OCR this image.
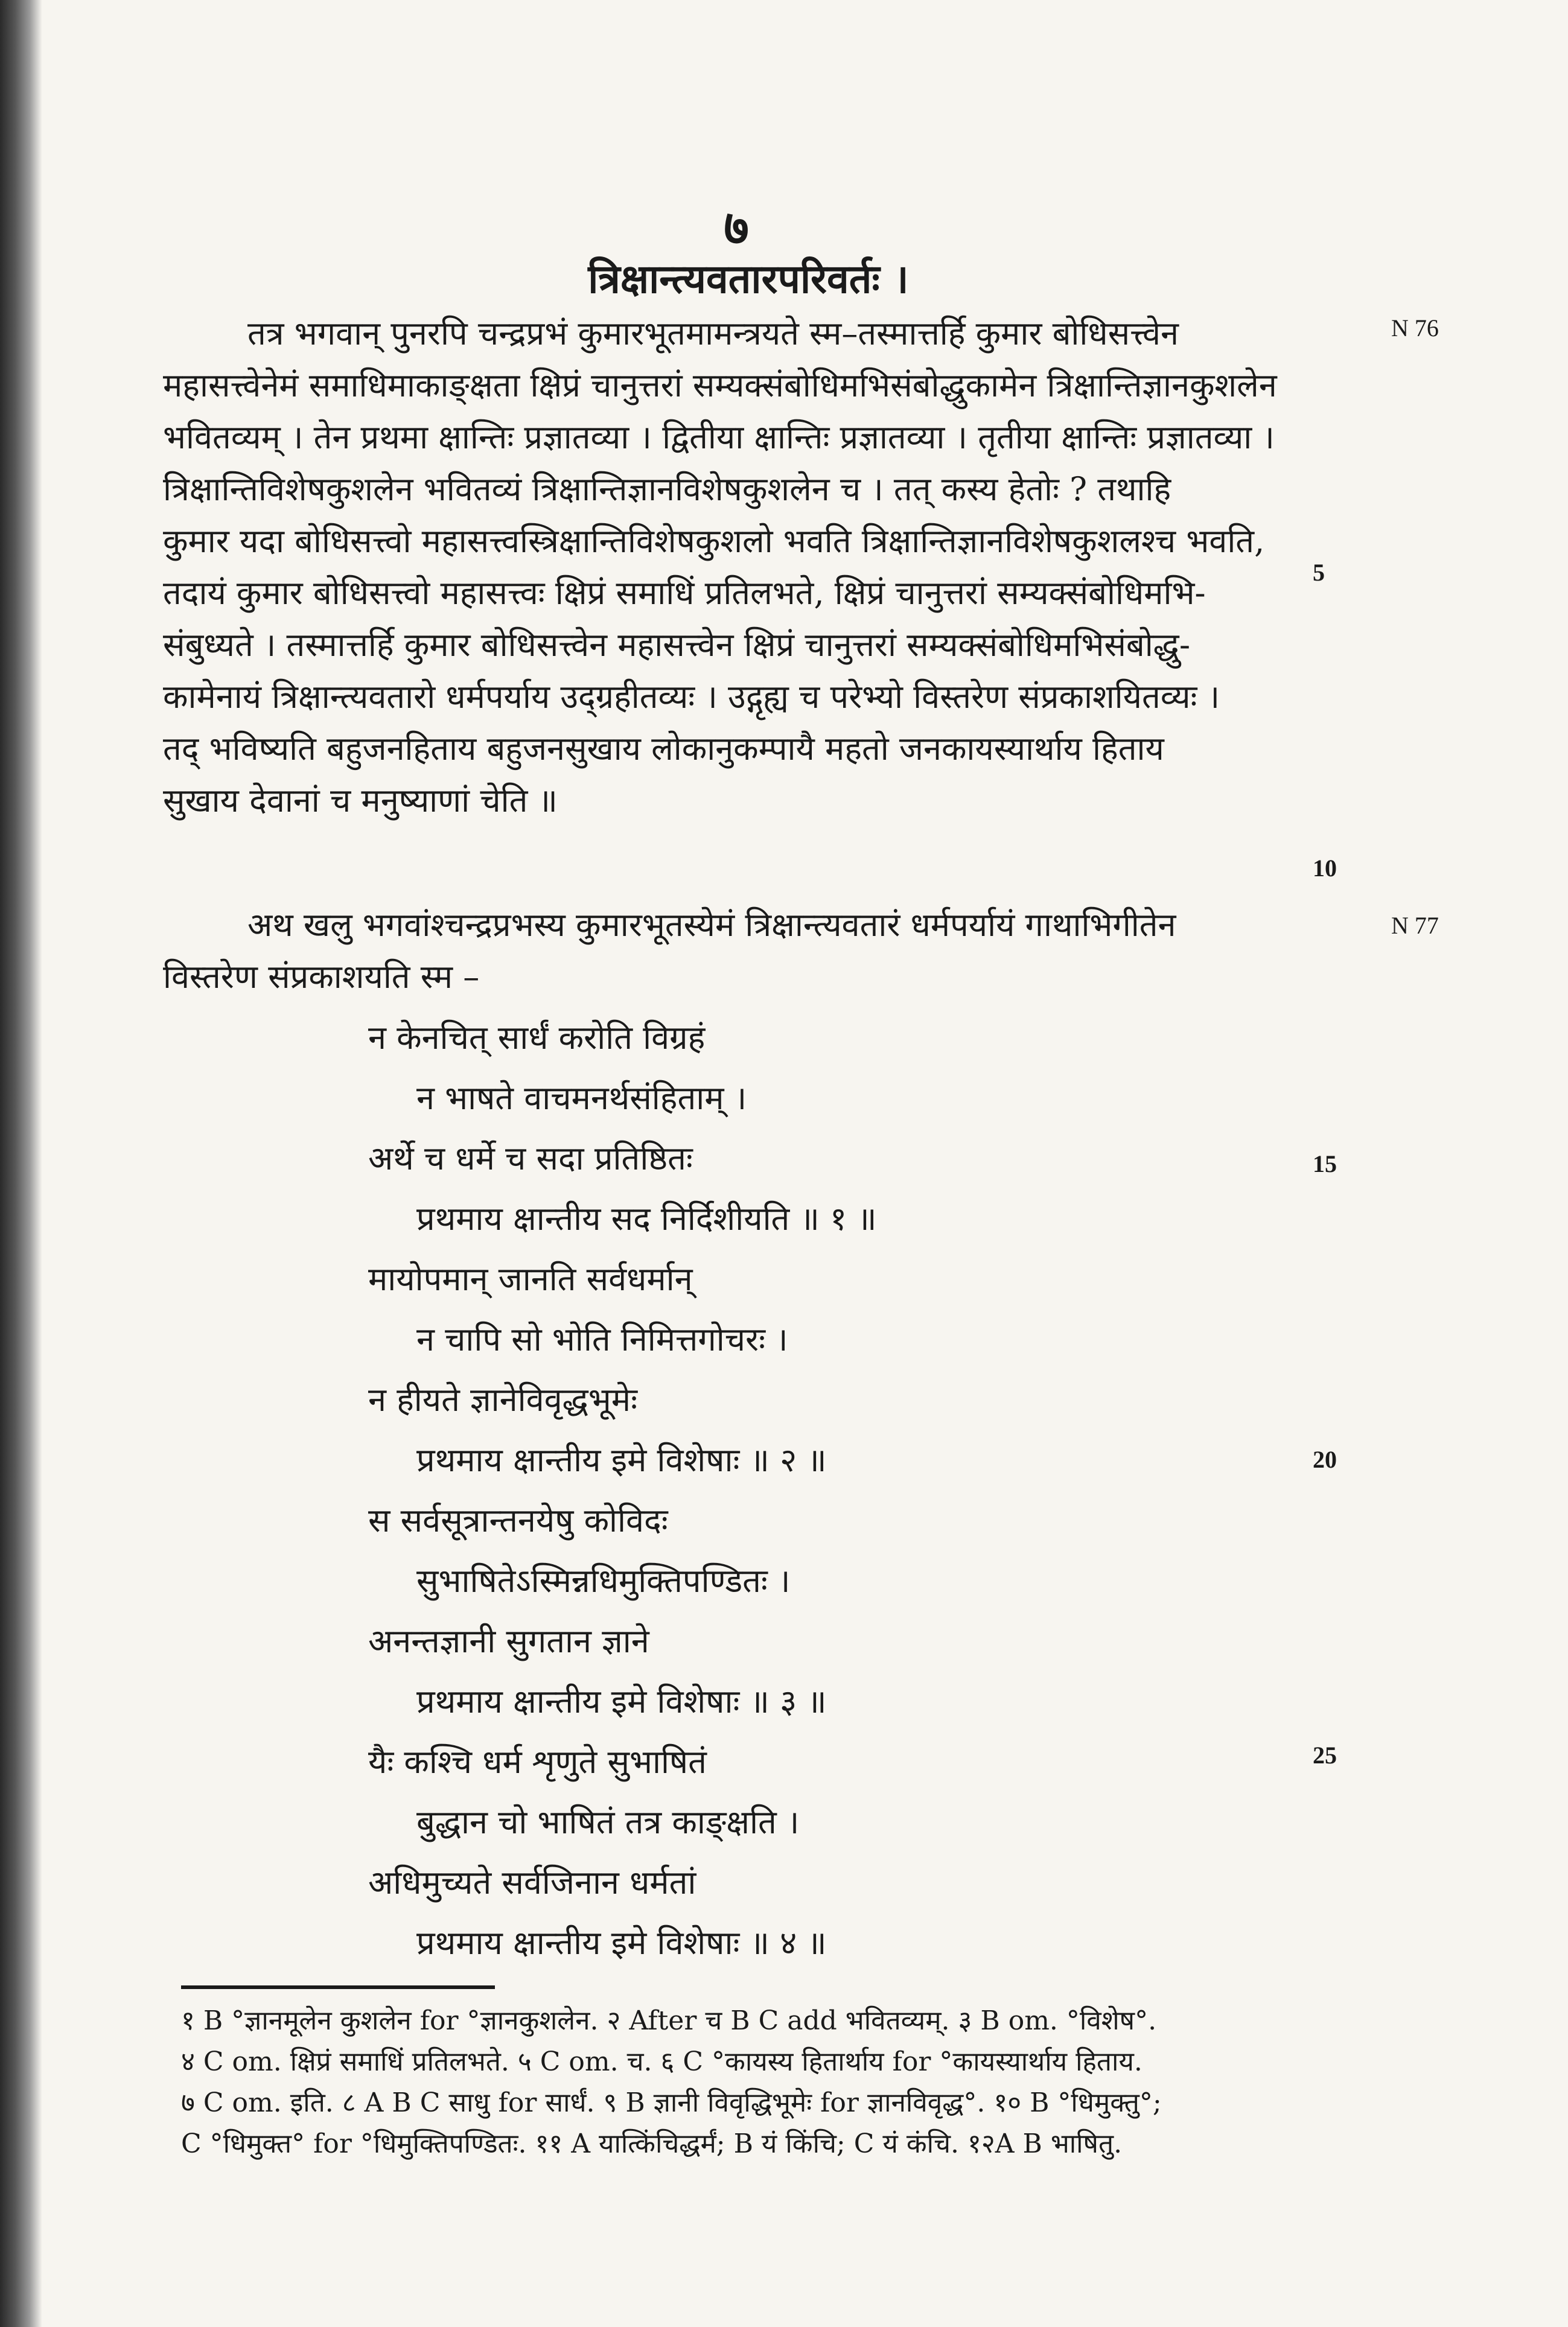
७
त्रिक्षान्त्यवतारपरिवर्तः ।
N 76
N 77
5
10
15
20
25
तत्र भगवान् पुनरपि चन्द्रप्रभं कुमारभूतमामन्त्रयते स्म–तस्मात्तर्हि कुमार बोधिसत्त्वेन
महासत्त्वेनेमं समाधिमाकाङ्क्षता क्षिप्रं चानुत्तरां सम्यक्संबोधिमभिसंबोद्धुकामेन त्रिक्षान्तिज्ञानकुशलेन
भवितव्यम् । तेन प्रथमा क्षान्तिः प्रज्ञातव्या । द्वितीया क्षान्तिः प्रज्ञातव्या । तृतीया क्षान्तिः प्रज्ञातव्या ।
त्रिक्षान्तिविशेषकुशलेन भवितव्यं त्रिक्षान्तिज्ञानविशेषकुशलेन च । तत् कस्य हेतोः ? तथाहि
कुमार यदा बोधिसत्त्वो महासत्त्वस्त्रिक्षान्तिविशेषकुशलो भवति त्रिक्षान्तिज्ञानविशेषकुशलश्च भवति,
तदायं कुमार बोधिसत्त्वो महासत्त्वः क्षिप्रं समाधिं प्रतिलभते, क्षिप्रं चानुत्तरां सम्यक्संबोधिमभि-
संबुध्यते । तस्मात्तर्हि कुमार बोधिसत्त्वेन महासत्त्वेन क्षिप्रं चानुत्तरां सम्यक्संबोधिमभिसंबोद्धु-
कामेनायं त्रिक्षान्त्यवतारो धर्मपर्याय उद्ग्रहीतव्यः । उद्गृह्य च परेभ्यो विस्तरेण संप्रकाशयितव्यः ।
तद् भविष्यति बहुजनहिताय बहुजनसुखाय लोकानुकम्पायै महतो जनकायस्यार्थाय हिताय
सुखाय देवानां च मनुष्याणां चेति ॥
अथ खलु भगवांश्चन्द्रप्रभस्य कुमारभूतस्येमं त्रिक्षान्त्यवतारं धर्मपर्यायं गाथाभिगीतेन
विस्तरेण संप्रकाशयति स्म –
न केनचित् सार्धं करोति विग्रहं
न भाषते वाचमनर्थसंहिताम् ।
अर्थे च धर्मे च सदा प्रतिष्ठितः
प्रथमाय क्षान्तीय सद निर्दिशीयति ॥ १ ॥
मायोपमान् जानति सर्वधर्मान्
न चापि सो भोति निमित्तगोचरः ।
न हीयते ज्ञानेविवृद्धभूमेः
प्रथमाय क्षान्तीय इमे विशेषाः ॥ २ ॥
स सर्वसूत्रान्तनयेषु कोविदः
सुभाषितेऽस्मिन्नधिमुक्तिपण्डितः ।
अनन्तज्ञानी सुगतान ज्ञाने
प्रथमाय क्षान्तीय इमे विशेषाः ॥ ३ ॥
यैः कश्चि धर्म शृणुते सुभाषितं
बुद्धान चो भाषितं तत्र काङ्क्षति ।
अधिमुच्यते सर्वजिनान धर्मतां
प्रथमाय क्षान्तीय इमे विशेषाः ॥ ४ ॥
१ B °ज्ञानमूलेन कुशलेन for °ज्ञानकुशलेन. २ After च B C add भवितव्यम्. ३ B om. °विशेष°.
४ C om. क्षिप्रं समाधिं प्रतिलभते. ५ C om. च. ६ C °कायस्य हितार्थाय for °कायस्यार्थाय हिताय.
७ C om. इति. ८ A B C साधु for सार्धं. ९ B ज्ञानी विवृद्धिभूमेः for ज्ञानविवृद्ध°. १० B °धिमुक्तु°;
C °धिमुक्त° for °धिमुक्तिपण्डितः. ११ A यात्किंचिद्धर्मं; B यं किंचि; C यं कंचि. १२A B भाषितु.
